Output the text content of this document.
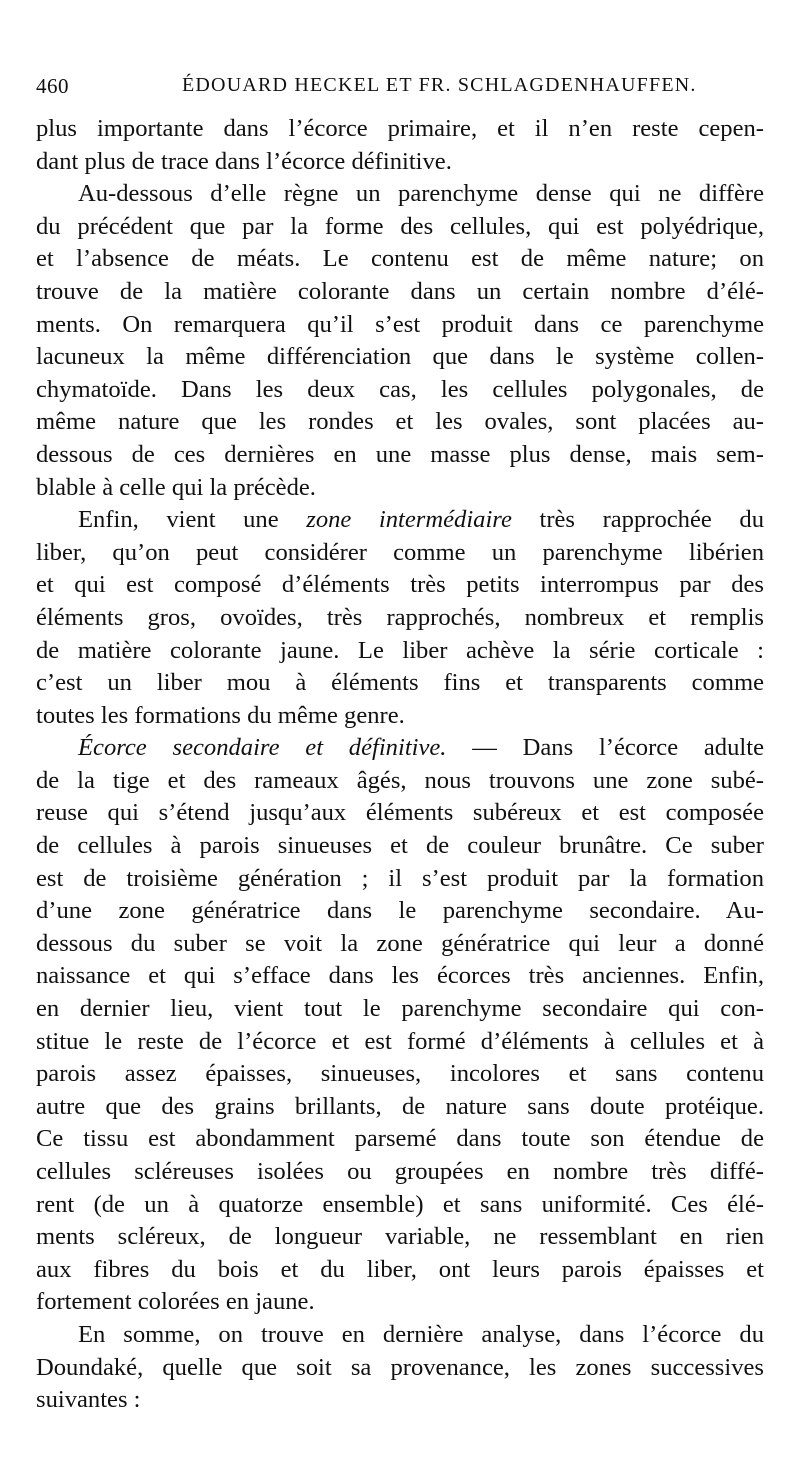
460	ÉDOUARD HECKEL ET FR. SCHLAGDENHAUFFEN.
plus importante dans l’écorce primaire, et il n’en reste cepen-
dant plus de trace dans l’écorce définitive.
Au-dessous d’elle règne un parenchyme dense qui ne diffère
du précédent que par la forme des cellules, qui est polyédrique,
et l’absence de méats. Le contenu est de même nature; on
trouve de la matière colorante dans un certain nombre d’élé-
ments. On remarquera qu’il s’est produit dans ce parenchyme
lacuneux la même différenciation que dans le système collen-
chymatoïde. Dans les deux cas, les cellules polygonales, de
même nature que les rondes et les ovales, sont placées au-
dessous de ces dernières en une masse plus dense, mais sem-
blable à celle qui la précède.
Enfin, vient une zone intermédiaire très rapprochée du
liber, qu’on peut considérer comme un parenchyme libérien
et qui est composé d’éléments très petits interrompus par des
éléments gros, ovoïdes, très rapprochés, nombreux et remplis
de matière colorante jaune. Le liber achève la série corticale :
c’est un liber mou à éléments fins et transparents comme
toutes les formations du même genre.
Écorce secondaire et définitive. — Dans l’écorce adulte
de la tige et des rameaux âgés, nous trouvons une zone subé-
reuse qui s’étend jusqu’aux éléments subéreux et est composée
de cellules à parois sinueuses et de couleur brunâtre. Ce suber
est de troisième génération ; il s’est produit par la formation
d’une zone génératrice dans le parenchyme secondaire. Au-
dessous du suber se voit la zone génératrice qui leur a donné
naissance et qui s’efface dans les écorces très anciennes. Enfin,
en dernier lieu, vient tout le parenchyme secondaire qui con-
stitue le reste de l’écorce et est formé d’éléments à cellules et à
parois assez épaisses, sinueuses, incolores et sans contenu
autre que des grains brillants, de nature sans doute protéique.
Ce tissu est abondamment parsemé dans toute son étendue de
cellules scléreuses isolées ou groupées en nombre très diffé-
rent (de un à quatorze ensemble) et sans uniformité. Ces élé-
ments scléreux, de longueur variable, ne ressemblant en rien
aux fibres du bois et du liber, ont leurs parois épaisses et
fortement colorées en jaune.
En somme, on trouve en dernière analyse, dans l’écorce du
Doundaké, quelle que soit sa provenance, les zones successives
suivantes :
